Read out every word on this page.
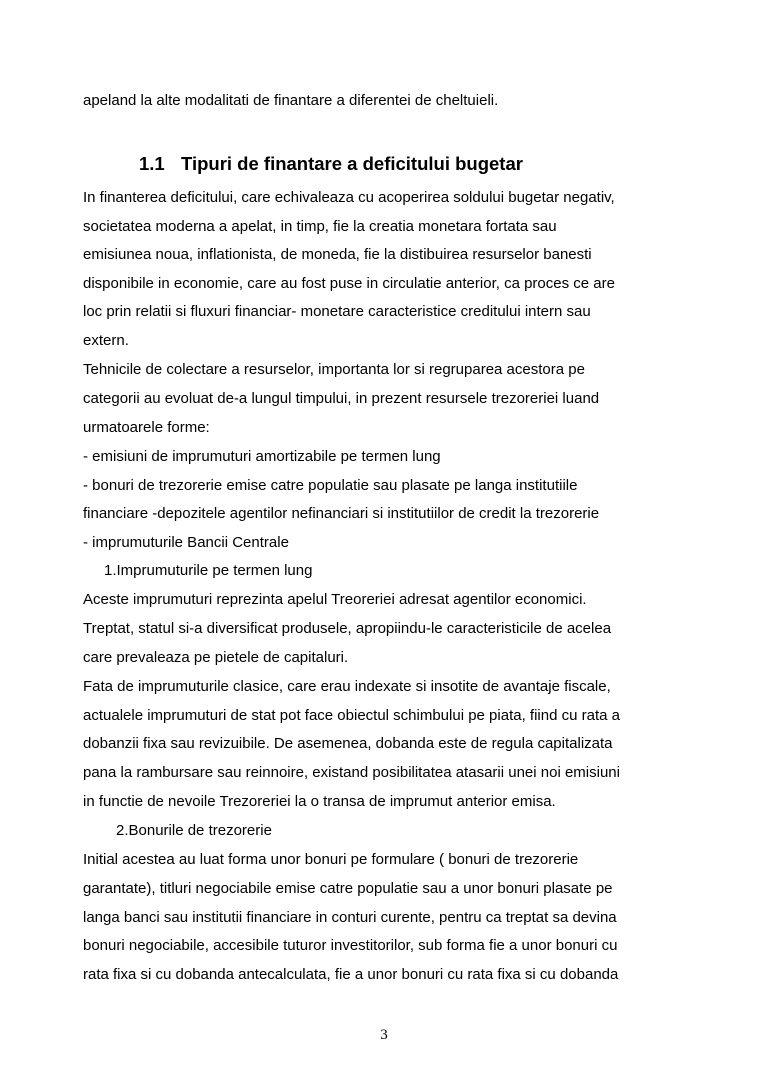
apeland la alte modalitati de finantare a diferentei de cheltuieli.

1.1 Tipuri de finantare a deficitului bugetar

In finanterea deficitului, care echivaleaza cu acoperirea soldului bugetar negativ,

societatea moderna a apelat, in timp, fie la creatia monetara fortata sau

emisiunea noua, inflationista, de moneda, fie la distibuirea resurselor banesti

disponibile in economie, care au fost puse in circulatie anterior, ca proces ce are

loc prin relatii si fluxuri financiar- monetare caracteristice creditului intern sau

extern.

Tehnicile de colectare a resurselor, importanta lor si regruparea acestora pe

categorii au evoluat de-a lungul timpului, in prezent resursele trezoreriei luand

urmatoarele forme:

- emisiuni de imprumuturi amortizabile pe termen lung

- bonuri de trezorerie emise catre populatie sau plasate pe langa institutiile

financiare -depozitele agentilor nefinanciari si institutiilor de credit la trezorerie

- imprumuturile Bancii Centrale

1.Imprumuturile pe termen lung

Aceste imprumuturi reprezinta apelul Treoreriei adresat agentilor economici.

Treptat, statul si-a diversificat produsele, apropiindu-le caracteristicile de acelea

care prevaleaza pe pietele de capitaluri.

Fata de imprumuturile clasice, care erau indexate si insotite de avantaje fiscale,

actualele imprumuturi de stat pot face obiectul schimbului pe piata, fiind cu rata a

dobanzii fixa sau revizuibile. De asemenea, dobanda este de regula capitalizata

pana la rambursare sau reinnoire, existand posibilitatea atasarii unei noi emisiuni

in functie de nevoile Trezoreriei la o transa de imprumut anterior emisa.

2.Bonurile de trezorerie

Initial acestea au luat forma unor bonuri pe formulare ( bonuri de trezorerie

garantate), titluri negociabile emise catre populatie sau a unor bonuri plasate pe

langa banci sau institutii financiare in conturi curente, pentru ca treptat sa devina

bonuri negociabile, accesibile tuturor investitorilor, sub forma fie a unor bonuri cu

rata fixa si cu dobanda antecalculata, fie a unor bonuri cu rata fixa si cu dobanda

3
